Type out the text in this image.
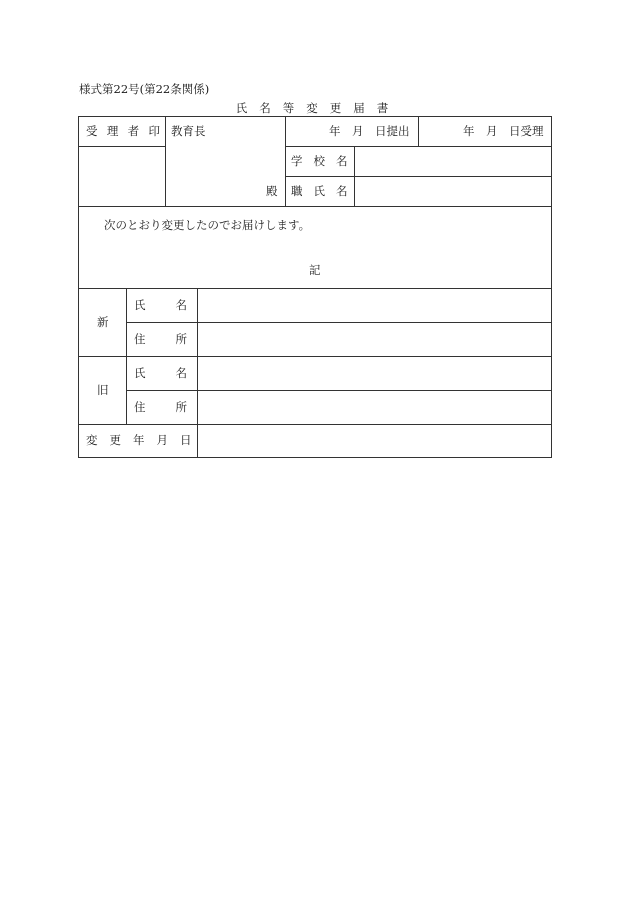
様式第22号(第22条関係)
氏名等変更届書
受 理 者 印 教育長
殿
年　月　日提出	年　月　日受理
学校名
職氏名
次のとおり変更したのでお届けします。
記
新
氏名
住所
旧
氏名
住所
変更年月日
